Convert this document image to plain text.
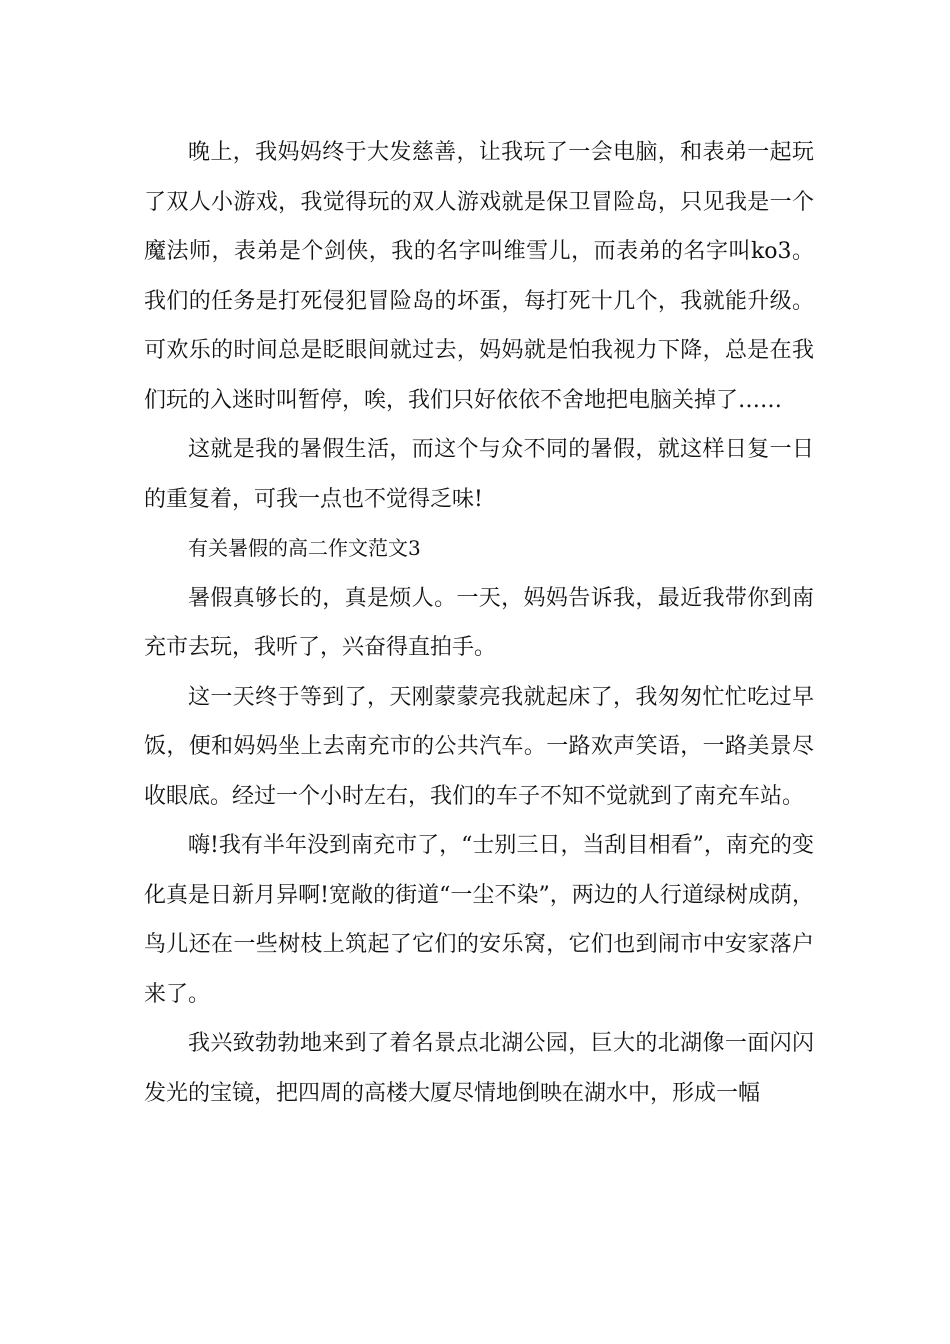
晚上，我妈妈终于大发慈善，让我玩了一会电脑，和表弟一起玩了双人小游戏，我觉得玩的双人游戏就是保卫冒险岛，只见我是一个魔法师，表弟是个剑侠，我的名字叫维雪儿，而表弟的名字叫ko3。我们的任务是打死侵犯冒险岛的坏蛋，每打死十几个，我就能升级。可欢乐的时间总是眨眼间就过去，妈妈就是怕我视力下降，总是在我们玩的入迷时叫暂停，唉，我们只好依依不舍地把电脑关掉了……

这就是我的暑假生活，而这个与众不同的暑假，就这样日复一日的重复着，可我一点也不觉得乏味!

有关暑假的高二作文范文3

暑假真够长的，真是烦人。一天，妈妈告诉我，最近我带你到南充市去玩，我听了，兴奋得直拍手。

这一天终于等到了，天刚蒙蒙亮我就起床了，我匆匆忙忙吃过早饭，便和妈妈坐上去南充市的公共汽车。一路欢声笑语，一路美景尽收眼底。经过一个小时左右，我们的车子不知不觉就到了南充车站。

嗨!我有半年没到南充市了，“士别三日，当刮目相看”，南充的变化真是日新月异啊!宽敞的街道“一尘不染”，两边的人行道绿树成荫，鸟儿还在一些树枝上筑起了它们的安乐窝，它们也到闹市中安家落户来了。

我兴致勃勃地来到了着名景点北湖公园，巨大的北湖像一面闪闪发光的宝镜，把四周的高楼大厦尽情地倒映在湖水中，形成一幅
